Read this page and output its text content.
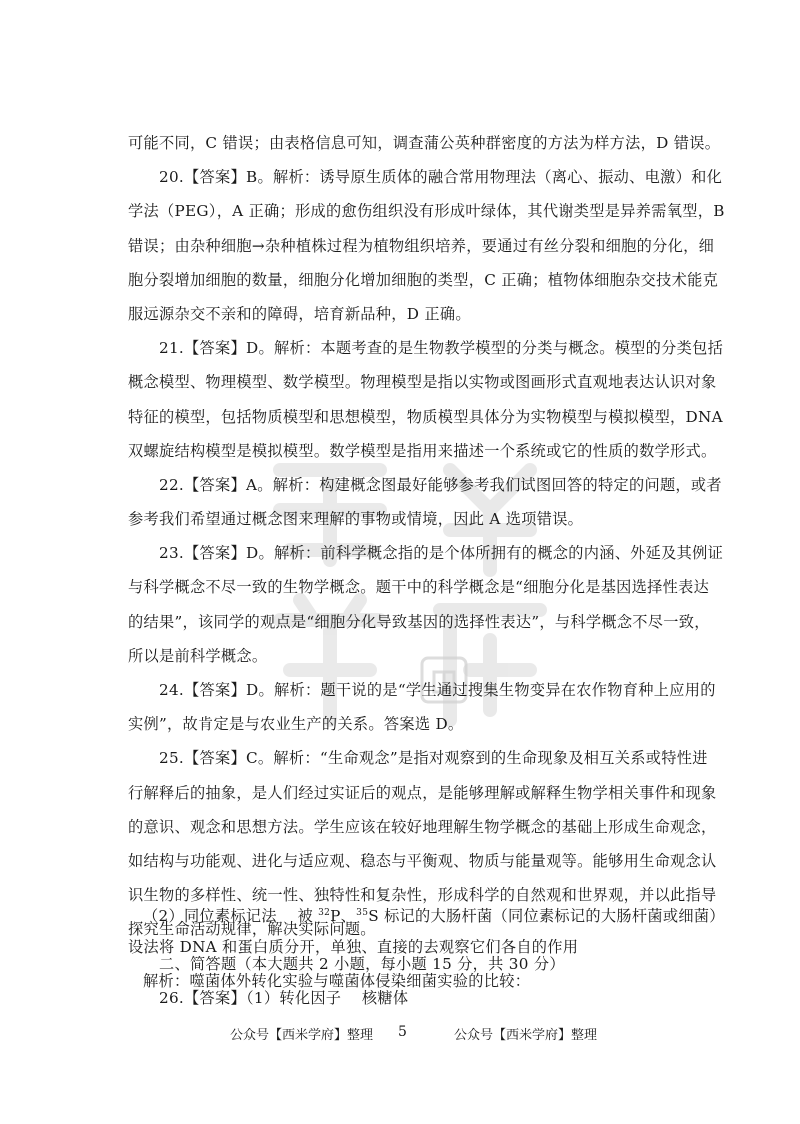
可能不同，C 错误；由表格信息可知，调查蒲公英种群密度的方法为样方法，D 错误。
20.【答案】B。解析：诱导原生质体的融合常用物理法（离心、振动、电激）和化
学法（PEG），A 正确；形成的愈伤组织没有形成叶绿体，其代谢类型是异养需氧型，B
错误；由杂种细胞→杂种植株过程为植物组织培养，要通过有丝分裂和细胞的分化，细
胞分裂增加细胞的数量，细胞分化增加细胞的类型，C 正确；植物体细胞杂交技术能克
服远源杂交不亲和的障碍，培育新品种，D 正确。
21.【答案】D。解析：本题考查的是生物教学模型的分类与概念。模型的分类包括
概念模型、物理模型、数学模型。物理模型是指以实物或图画形式直观地表达认识对象
特征的模型，包括物质模型和思想模型，物质模型具体分为实物模型与模拟模型，DNA
双螺旋结构模型是模拟模型。数学模型是指用来描述一个系统或它的性质的数学形式。
22.【答案】A。解析：构建概念图最好能够参考我们试图回答的特定的问题，或者
参考我们希望通过概念图来理解的事物或情境，因此 A 选项错误。
23.【答案】D。解析：前科学概念指的是个体所拥有的概念的内涵、外延及其例证
与科学概念不尽一致的生物学概念。题干中的科学概念是“细胞分化是基因选择性表达
的结果”，该同学的观点是“细胞分化导致基因的选择性表达”，与科学概念不尽一致，
所以是前科学概念。
24.【答案】D。解析：题干说的是“学生通过搜集生物变异在农作物育种上应用的
实例”，故肯定是与农业生产的关系。答案选 D。
25.【答案】C。解析：“生命观念”是指对观察到的生命现象及相互关系或特性进
行解释后的抽象，是人们经过实证后的观点，是能够理解或解释生物学相关事件和现象
的意识、观念和思想方法。学生应该在较好地理解生物学概念的基础上形成生命观念，
如结构与功能观、进化与适应观、稳态与平衡观、物质与能量观等。能够用生命观念认
识生物的多样性、统一性、独特性和复杂性，形成科学的自然观和世界观，并以此指导
探究生命活动规律，解决实际问题。
二、简答题（本大题共 2 小题，每小题 15 分，共 30 分）
26.【答案】（1）转化因子　 核糖体
（2）同位素标记法　 被 $^{32}$P、$^{35}$S 标记的大肠杆菌（同位素标记的大肠杆菌或细菌）
设法将 DNA 和蛋白质分开，单独、直接的去观察它们各自的作用
解析：噬菌体外转化实验与噬菌体侵染细菌实验的比较：
公众号【西米学府】整理 5	公众号【西米学府】整理
